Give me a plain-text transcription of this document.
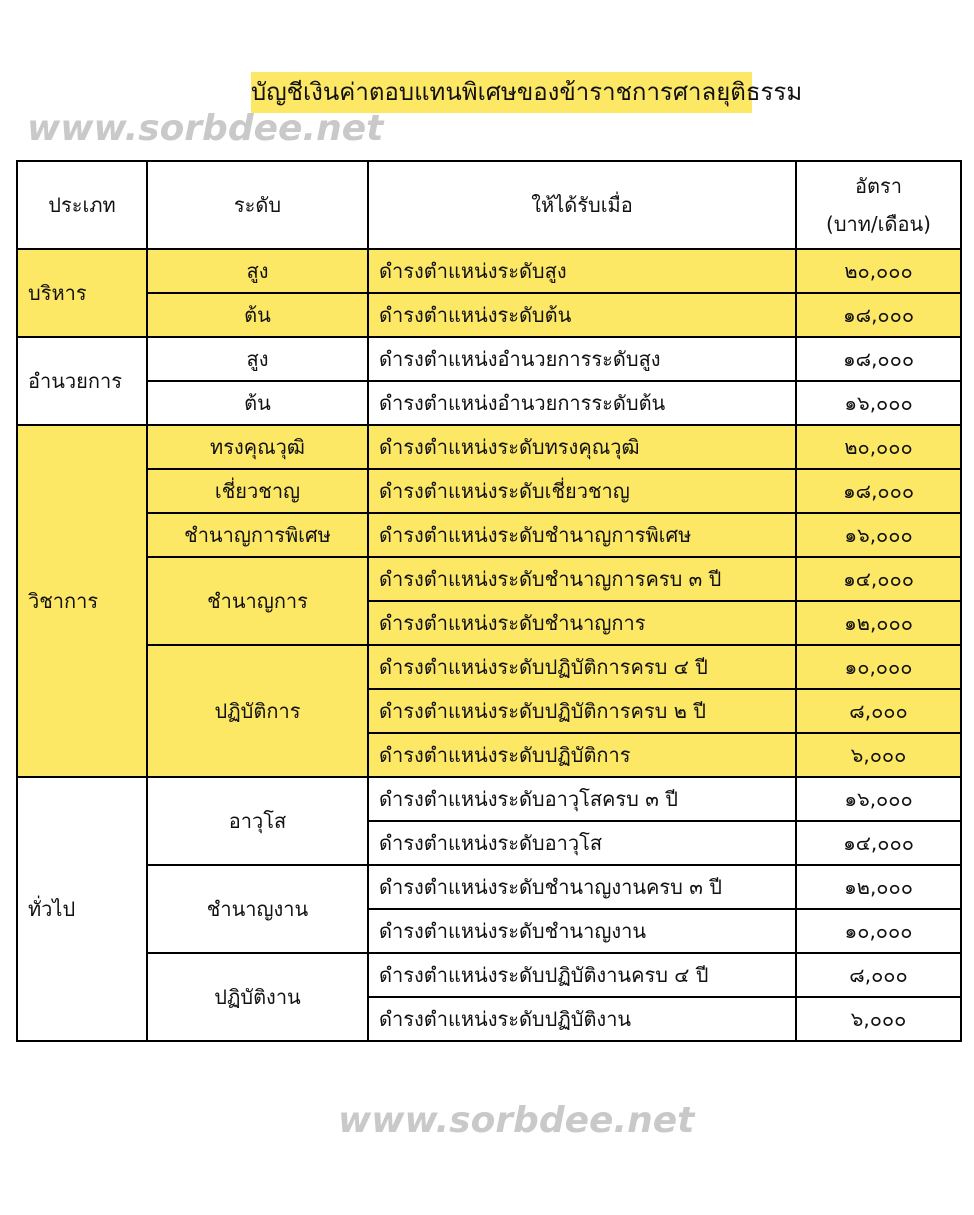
บัญชีเงินค่าตอบแทนพิเศษของข้าราชการศาลยุติธรรม
www.sorbdee.net
ประเภท	ระดับ	ให้ได้รับเมื่อ	อัตรา
(บาท/เดือน)

บริหาร	สูง	ดำรงตำแหน่งระดับสูง	๒๐,๐๐๐
	ต้น	ดำรงตำแหน่งระดับต้น	๑๘,๐๐๐
อำนวยการ	สูง	ดำรงตำแหน่งอำนวยการระดับสูง	๑๘,๐๐๐
	ต้น	ดำรงตำแหน่งอำนวยการระดับต้น	๑๖,๐๐๐
วิชาการ	ทรงคุณวุฒิ	ดำรงตำแหน่งระดับทรงคุณวุฒิ	๒๐,๐๐๐
	เชี่ยวชาญ	ดำรงตำแหน่งระดับเชี่ยวชาญ	๑๘,๐๐๐
	ชำนาญการพิเศษ	ดำรงตำแหน่งระดับชำนาญการพิเศษ	๑๖,๐๐๐
	ชำนาญการ	ดำรงตำแหน่งระดับชำนาญการครบ ๓ ปี	๑๔,๐๐๐
		ดำรงตำแหน่งระดับชำนาญการ	๑๒,๐๐๐
	ปฏิบัติการ	ดำรงตำแหน่งระดับปฏิบัติการครบ ๔ ปี	๑๐,๐๐๐
		ดำรงตำแหน่งระดับปฏิบัติการครบ ๒ ปี	๘,๐๐๐
		ดำรงตำแหน่งระดับปฏิบัติการ	๖,๐๐๐
ทั่วไป	อาวุโส	ดำรงตำแหน่งระดับอาวุโสครบ ๓ ปี	๑๖,๐๐๐
		ดำรงตำแหน่งระดับอาวุโส	๑๔,๐๐๐
	ชำนาญงาน	ดำรงตำแหน่งระดับชำนาญงานครบ ๓ ปี	๑๒,๐๐๐
		ดำรงตำแหน่งระดับชำนาญงาน	๑๐,๐๐๐
	ปฏิบัติงาน	ดำรงตำแหน่งระดับปฏิบัติงานครบ ๔ ปี	๘,๐๐๐
		ดำรงตำแหน่งระดับปฏิบัติงาน	๖,๐๐๐
www.sorbdee.net
